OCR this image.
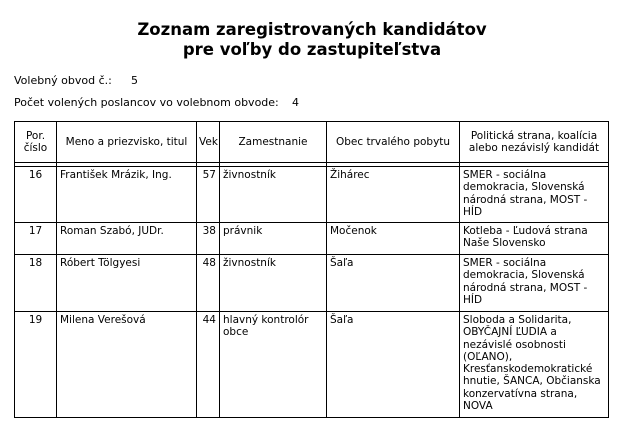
Zoznam zaregistrovaných kandidátov
pre voľby do zastupiteľstva
Volebný obvod č.: 5
Počet volených poslancov vo volebnom obvode: 4
Por. číslo	Meno a priezvisko, titul	Vek	Zamestnanie	Obec trvalého pobytu	Politická strana, koalícia alebo nezávislý kandidát

16	František Mrázik, Ing.	57	živnostník	Žihárec	SMER - sociálna demokracia, Slovenská národná strana, MOST - HÍD
17	Roman Szabó, JUDr.	38	právnik	Močenok	Kotleba - Ľudová strana Naše Slovensko
18	Róbert Tölgyesi	48	živnostník	Šaľa	SMER - sociálna demokracia, Slovenská národná strana, MOST - HÍD
19	Milena Verešová	44	hlavný kontrolór obce	Šaľa	Sloboda a Solidarita, OBYČAJNÍ ĽUDIA a nezávislé osobnosti (OĽANO), Kresťanskodemokratické hnutie, ŠANCA, Občianska konzervatívna strana, NOVA
